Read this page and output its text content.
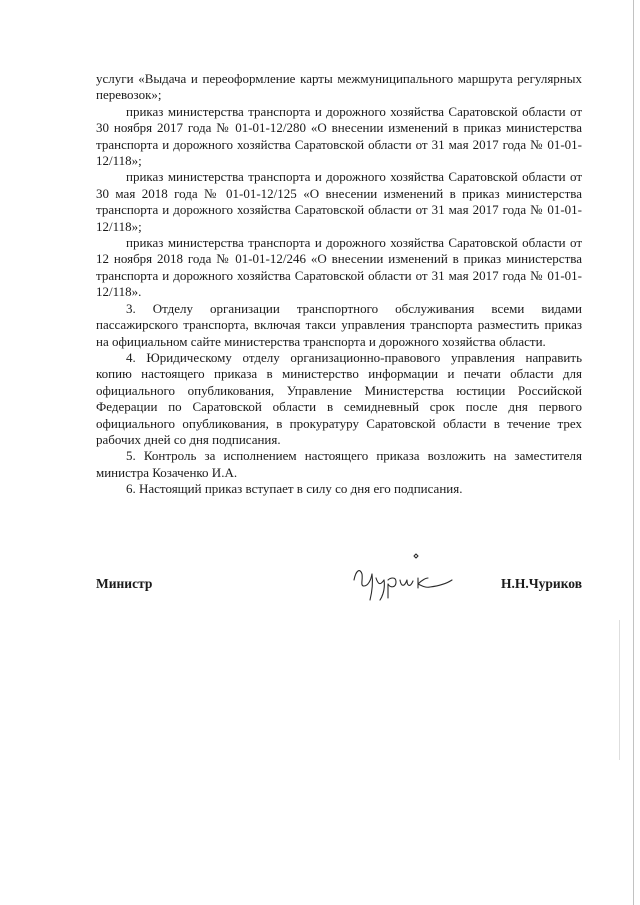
услуги «Выдача и переоформление карты межмуниципального маршрута регулярных перевозок»;

приказ министерства транспорта и дорожного хозяйства Саратовской области от 30 ноября 2017 года № 01-01-12/280 «О внесении изменений в приказ министерства транспорта и дорожного хозяйства Саратовской области от 31 мая 2017 года № 01-01-12/118»;

приказ министерства транспорта и дорожного хозяйства Саратовской области от 30 мая 2018 года № 01-01-12/125 «О внесении изменений в приказ министерства транспорта и дорожного хозяйства Саратовской области от 31 мая 2017 года № 01-01-12/118»;

приказ министерства транспорта и дорожного хозяйства Саратовской области от 12 ноября 2018 года № 01-01-12/246 «О внесении изменений в приказ министерства транспорта и дорожного хозяйства Саратовской области от 31 мая 2017 года № 01-01-12/118».

3. Отделу организации транспортного обслуживания всеми видами пассажирского транспорта, включая такси управления транспорта разместить приказ на официальном сайте министерства транспорта и дорожного хозяйства области.

4. Юридическому отделу организационно-правового управления направить копию настоящего приказа в министерство информации и печати области для официального опубликования, Управление Министерства юстиции Российской Федерации по Саратовской области в семидневный срок после дня первого официального опубликования, в прокуратуру Саратовской области в течение трех рабочих дней со дня подписания.

5. Контроль за исполнением настоящего приказа возложить на заместителя министра Козаченко И.А.

6. Настоящий приказ вступает в силу со дня его подписания.

Министр	Н.Н.Чуриков
